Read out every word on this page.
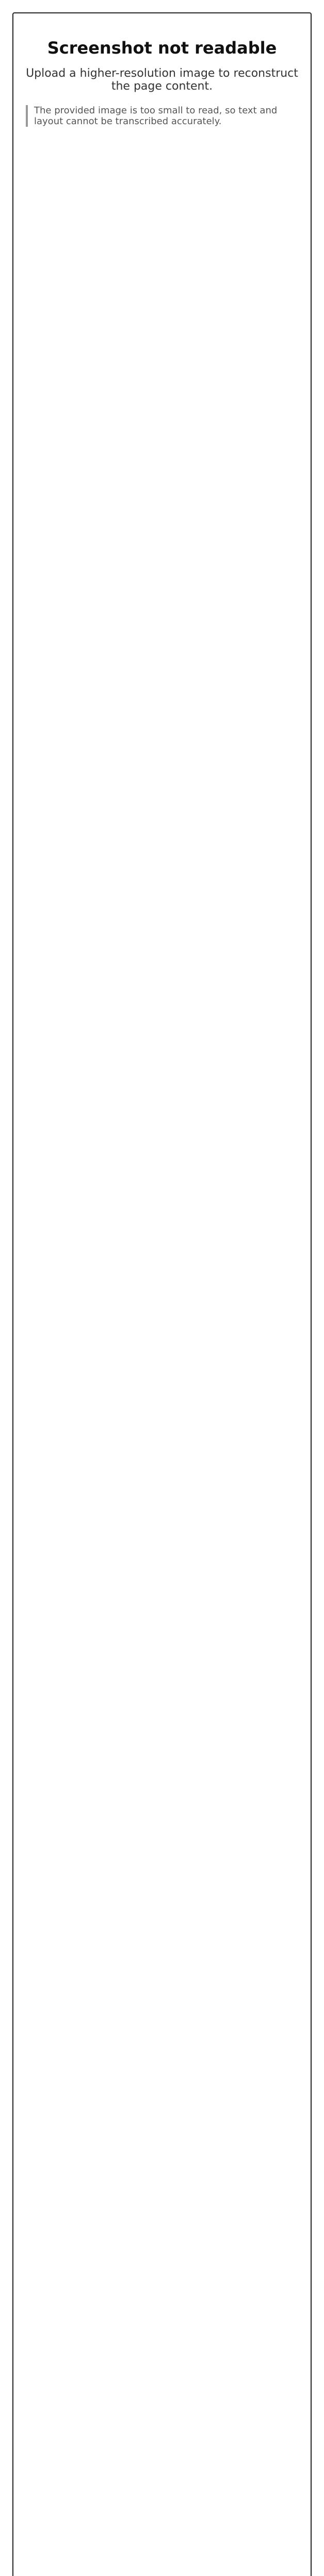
Screenshot not readable
Upload a higher-resolution image to reconstruct the page content.
The provided image is too small to read, so text and layout cannot be transcribed accurately.
